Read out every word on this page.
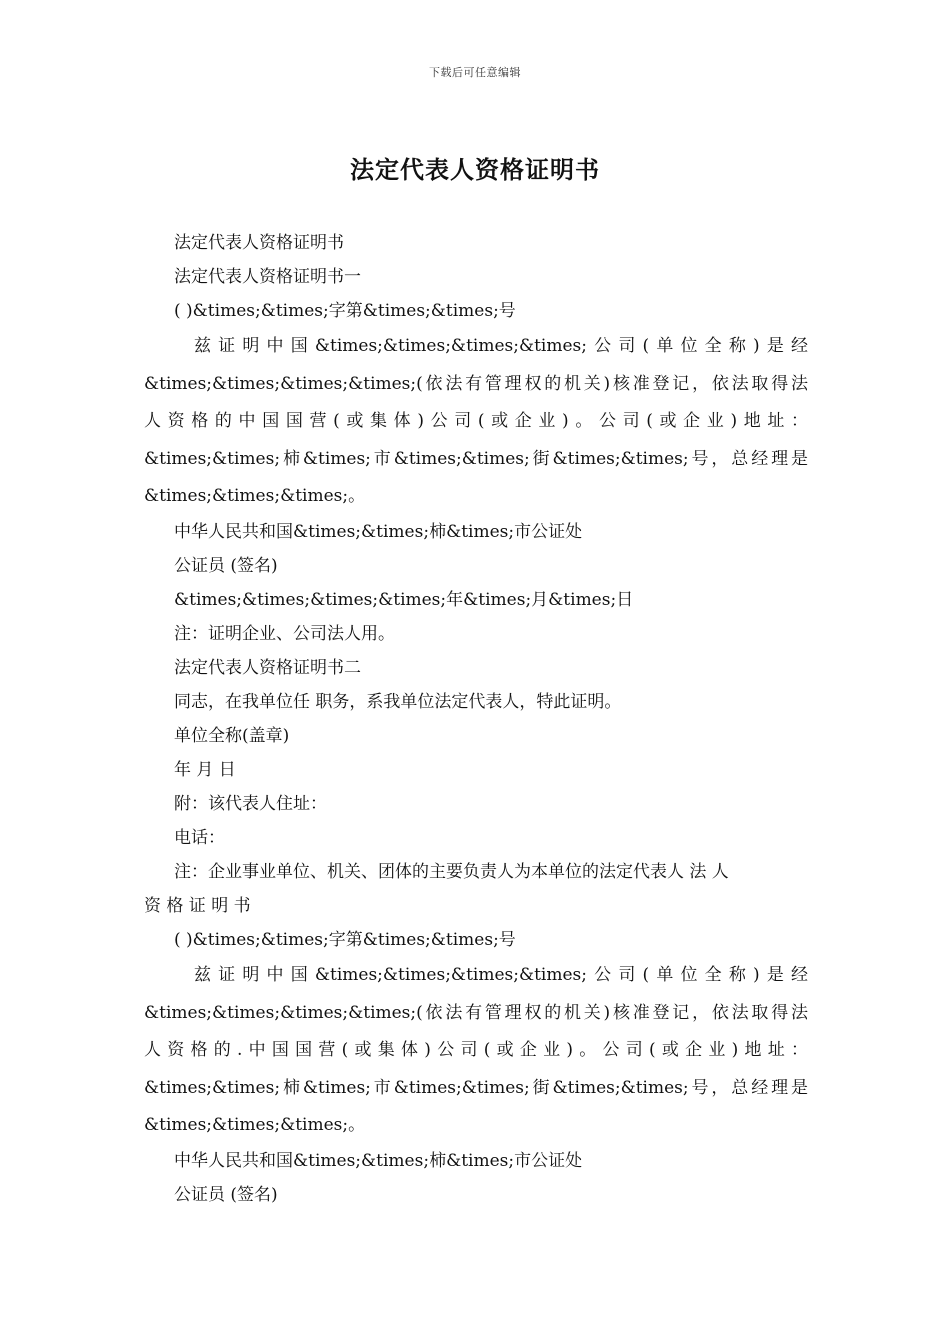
下载后可任意编辑
法定代表人资格证明书

法定代表人资格证明书

法定代表人资格证明书一

( )&times;&times;字第&times;&times;号

兹证明中国&times;&times;&times;&times;公司(单位全称)是经

&times;&times;&times;&times;(依法有管理权的机关)核准登记，依法取得法

人资格的中国国营(或集体)公司(或企业)。公司(或企业)地址：

&times;&times;柿&times;市&times;&times;街&times;&times;号，总经理是

&times;&times;&times;。

中华人民共和国&times;&times;柿&times;市公证处

公证员 (签名)

&times;&times;&times;&times;年&times;月&times;日

注：证明企业、公司法人用。

法定代表人资格证明书二

同志，在我单位任 职务，系我单位法定代表人，特此证明。

单位全称(盖章)

年 月 日

附：该代表人住址：

电话：

注：企业事业单位、机关、团体的主要负责人为本单位的法定代表人 法 人

资 格 证 明 书

( )&times;&times;字第&times;&times;号

兹证明中国&times;&times;&times;&times;公司(单位全称)是经

&times;&times;&times;&times;(依法有管理权的机关)核准登记，依法取得法

人资格的.中国国营(或集体)公司(或企业)。公司(或企业)地址：

&times;&times;柿&times;市&times;&times;街&times;&times;号，总经理是

&times;&times;&times;。

中华人民共和国&times;&times;柿&times;市公证处

公证员 (签名)
